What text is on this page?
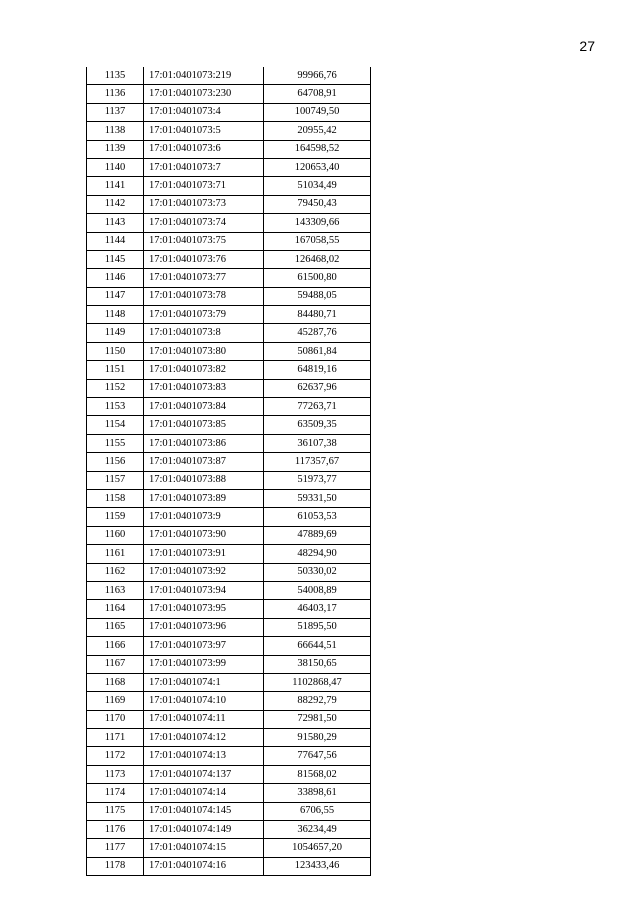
27
1135	17:01:0401073:219	99966,76
1136	17:01:0401073:230	64708,91
1137	17:01:0401073:4	100749,50
1138	17:01:0401073:5	20955,42
1139	17:01:0401073:6	164598,52
1140	17:01:0401073:7	120653,40
1141	17:01:0401073:71	51034,49
1142	17:01:0401073:73	79450,43
1143	17:01:0401073:74	143309,66
1144	17:01:0401073:75	167058,55
1145	17:01:0401073:76	126468,02
1146	17:01:0401073:77	61500,80
1147	17:01:0401073:78	59488,05
1148	17:01:0401073:79	84480,71
1149	17:01:0401073:8	45287,76
1150	17:01:0401073:80	50861,84
1151	17:01:0401073:82	64819,16
1152	17:01:0401073:83	62637,96
1153	17:01:0401073:84	77263,71
1154	17:01:0401073:85	63509,35
1155	17:01:0401073:86	36107,38
1156	17:01:0401073:87	117357,67
1157	17:01:0401073:88	51973,77
1158	17:01:0401073:89	59331,50
1159	17:01:0401073:9	61053,53
1160	17:01:0401073:90	47889,69
1161	17:01:0401073:91	48294,90
1162	17:01:0401073:92	50330,02
1163	17:01:0401073:94	54008,89
1164	17:01:0401073:95	46403,17
1165	17:01:0401073:96	51895,50
1166	17:01:0401073:97	66644,51
1167	17:01:0401073:99	38150,65
1168	17:01:0401074:1	1102868,47
1169	17:01:0401074:10	88292,79
1170	17:01:0401074:11	72981,50
1171	17:01:0401074:12	91580,29
1172	17:01:0401074:13	77647,56
1173	17:01:0401074:137	81568,02
1174	17:01:0401074:14	33898,61
1175	17:01:0401074:145	6706,55
1176	17:01:0401074:149	36234,49
1177	17:01:0401074:15	1054657,20
1178	17:01:0401074:16	123433,46
